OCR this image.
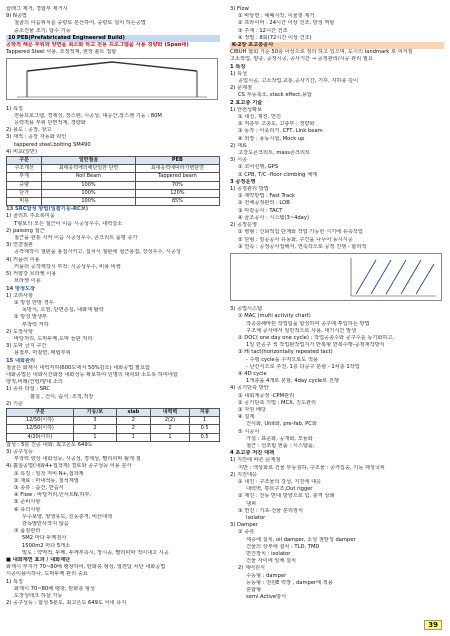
슬래그 제거, 경합부 제거시
9) N공법
철골의 이음위치를 중량로 분산하여, 중량로 설치 하는공법
중소건물 조기, 탑수 기능
10 PEB(Prefabricated Engineered Build)
공학적 해문 부위와 양면을 최소화 하고 전용 프로그램을 사용 경량화 (Span대)
Tappered Steel 사용, 조정적재, 현장 볼트 접합
1) 특징
전용프로그램, 경제성, 장스팬, 시공성, 대공간,장스팬 기둥 : 80M
응력적용 부위 단면적계, 경량화
2) 용도 : 공장, 창고
3) 재적 : 공장 자동화 라인
tappered steel,bolting SM490
4) 비교(일반)
구분	일반철골	PEB
구조개선	최대응력에의해단일한 단면	최대응력에따라가변단면
부재	Roll Beam	Tappered beam
중량	100%	70%
단가	100%	120%
비용	100%	85%
13 SRC합성 방법(일괄기둥-RC보)
1) 골리트 주요복미움
T형보의 모든 철근이 이음 시공성우수, 내력강소
2) passing 철근
철근을 관통 시켜 이음 시공성우수, 콘크리트 품평 증가
3) 연결철판
공작재작시 철판을 용접시키고, 설치시 철판에 철근용접, 강성우수, 시공성
4) 커플러 이용
커플러 공작재작시 부착: 시공성우수, 비용 비쌍
5) 커향강 브라켓 이용
브라켓 이용
14 방청도장
1) 고려사항
① 방청 안방 경우
녹방식, 오염, 단면손실, 내화재 탈락
② 방청 발생부
부착력 저하
2) 도장사항
바탕처리, 도막두께,도막 들판 처리
3) 도막 금지 구간
용접부, 마찰면, 매립부위
15 내화관리
철골은 화재시 내력저하(600도에서 50%감소) 내화공법 필요함
내화공법은 내화시간화장 내화성능 확보하여 인명의 대피와 소도록 하여야함
양적,비례/건령/양대 소의
1) 종류 타설 : SRC
뿜칠 , 건식, 습식 :조적,적장
2) 기준
구분	기둥/보	slab	내력벽	지붕
12/50(이하)	3	2	2(2)	1
12/50(이하)	2	2	2	0.5
4/20(이하)	1	1	1	0.5
합성 : 5분 진공 내화, 최고온도 649도
3) 공구성능
부착력 향상 내화성능, 시공성, 경제성, 빨리피막 될게 점
4) 뿜칠공법(내화4+접착재) 결로와 공구성능 이용 분사
① 특징 : 일착 저비 N+,접착재
② 재료 : 마내석동, 질석계열
③ 종류 : 습건, 반습식
④ Flow : 바탕처리,인서트N,하부,
⑤ 준비사항
⑥ 유의사항
우수보양, 양생유도, 진동충격, 비산대책
감독발반사작지 않음
⑦ 품질관리
5M2 마다 두께검사
1500m2 마다 5개소
밀도 : 약역적, 두께, 두께부측시, 장시공, 빨리피막 적이내고 시공
■ 내화재연 효과 / 내화재단
화재시 부지가 70~80배 팽창하여, 탄화층 형성, 열전달 차단 내화공법
시공이용이하나, 도막두께 관리 중요
1) 특징
화재시 70~80배 팽창, 탄화층 형성
도장성테크 하살 가능
2) 공구성능 : 합성 5분도, 최고온도 649도 이내 유지
3) Flow
① 바탕면 : 예폐시작, 이물질 제거
② 프라이머 : 24시간 이상 건조, 방청 역할
③ 주재 : 12시간 건조
④ 정벌 : 8회(72시간 이상 건조)
K-2장 초고층공사
CIBUH 협회 기준 50층 이상으로 정의 하고 있으며, 도시의 landmark 로 여겨짐
고소작업, 양중, 공정시공, 공사기간 → 공정관리/시공 관리 필요
1 특징
1) 특성
공업시공, 고소작업,교통,공사기간, 기후, 지하층 깊이
2) 문제점
CS 부등축소, stack effect,풍압
2 효고층 기술
1) 안전성확보
① 내진, 제진, 면진
② 저층부 고층도, 고층부 : 경량화
③ 동작 : 아웃리거, CFT, Link beam
④ 외장 : 풍동시험, Mock up
2) 재료
고강도콘크리트, mass콘크리트
3) 시공
① 코어선행, GPS
② CPB, T/C -floor climbing 체계
3 공정운영
1) 공정관리 방법
① 재약방법 : Fast Track
② 전체공정관리 : LOB
③ 마감공사 : TACT
④ 골조공사 : 시스템(3~4day)
2) 공정운영
① 병형 : 신뢰적집 단계와 작업 가능한 시기에 유속작업
② 단형 : 일공공사 유동화, 구간을 나누어 동시시공
③ 연속 : 공정공사접해서, 연속작으로 공정 진행 - 합리적
3) 공법시스템
① MAC (multi activity chart)
작공층해마된 작업팀을 합성하여 공구에 투입하는 방법
구조체 공사에서 일반적으로 사용, 대기시간 발생
② DOC( one day one cycle) : 작업공종수와 공구수를 동기화하고,
1일 한공구 씩 작업완작업지가 반복형 반복수행-공정재작방식
③ Hi tact(horizontally repeated tact)
- 수평 cycle을 수직으로도 적용
- 난간식으로 추진, 1층 다공구 분할 - 1차층 1작업
④ 4D cycle
1개층을 4개로 분할, 4day cycle로 진행
4) 공기단축 방안
① 내회계공정 -CPM관리
② 공기단축 기법 : MCX, 진도관리
③ 자원 배당
④ 설계
건식화, Unit화, pre-fab, PC화
⑤ 시공사
가설 : 표준화, 공개화, 모듈화
철근 : 선조립 현품 : 시스템품,
4 초고층 저진 대책
1) 지진에 따른 문제점
지반 : 액상화로 건물 부등침하, 구조물 : 공극집중, 기능 재성국피
2) 지진대응
① 내진 : 구조물의 강성, 지진에 대응
내력벽, 튜브구조,Out rigger
② 제진 : 진동 반대 방향으로 힘, 충격 상쇄
댐퍼
③ 면진 : 기초-건물 분리장치
isolator
3) Damper
① 종류
재증에 설치, oil damper, 소성 점탄성 damper
건물의 상부에 설치 : TLD, TMD
면진장치 : isolator
건물 사이에 일체 설치
2) 제어원식
수동형 : damper
능동형 : 전원E 력장 , damper에 적용
혼합형
semi Active방식
39
